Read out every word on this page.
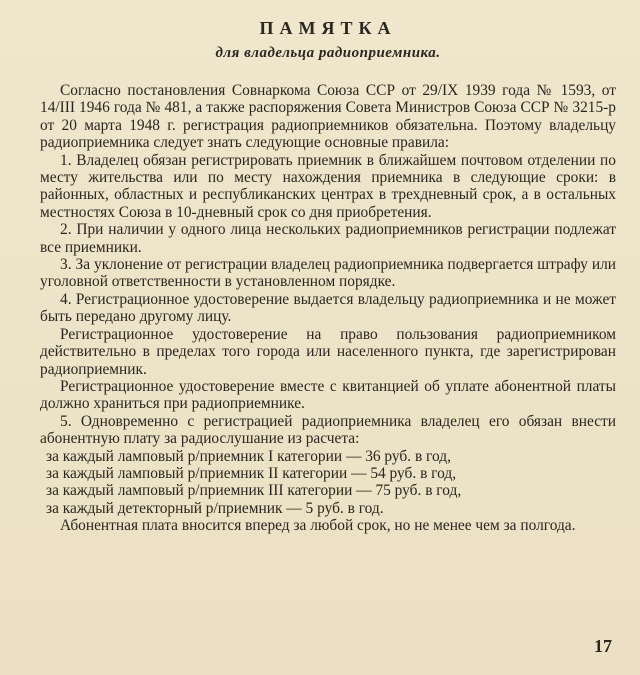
ПАМЯТКА
для владельца радиоприемника.

Согласно постановления Совнаркома Союза ССР от 29/IX 1939 года № 1593, от 14/III 1946 года № 481, а также распоряжения Совета Министров Союза ССР № 3215-р от 20 марта 1948 г. регистрация радиоприемников обязательна. Поэтому владельцу радиоприемника следует знать следующие основные правила:

1. Владелец обязан регистрировать приемник в ближайшем почтовом отделении по месту жительства или по месту нахождения приемника в следующие сроки: в районных, областных и республиканских центрах в трехдневный срок, а в остальных местностях Союза в 10-дневный срок со дня приобретения.

2. При наличии у одного лица нескольких радиоприемников регистрации подлежат все приемники.

3. За уклонение от регистрации владелец радиоприемника подвергается штрафу или уголовной ответственности в установленном порядке.

4. Регистрационное удостоверение выдается владельцу радиоприемника и не может быть передано другому лицу.

Регистрационное удостоверение на право пользования радиоприемником действительно в пределах того города или населенного пункта, где зарегистрирован радиоприемник.

Регистрационное удостоверение вместе с квитанцией об уплате абонентной платы должно храниться при радиоприемнике.

5. Одновременно с регистрацией радиоприемника владелец его обязан внести абонентную плату за радиослушание из расчета:

за каждый ламповый р/приемник I категории — 36 руб. в год,
за каждый ламповый р/приемник II категории — 54 руб. в год,
за каждый ламповый р/приемник III категории — 75 руб. в год,
за каждый детекторный р/приемник — 5 руб. в год.

Абонентная плата вносится вперед за любой срок, но не менее чем за полгода.

17
